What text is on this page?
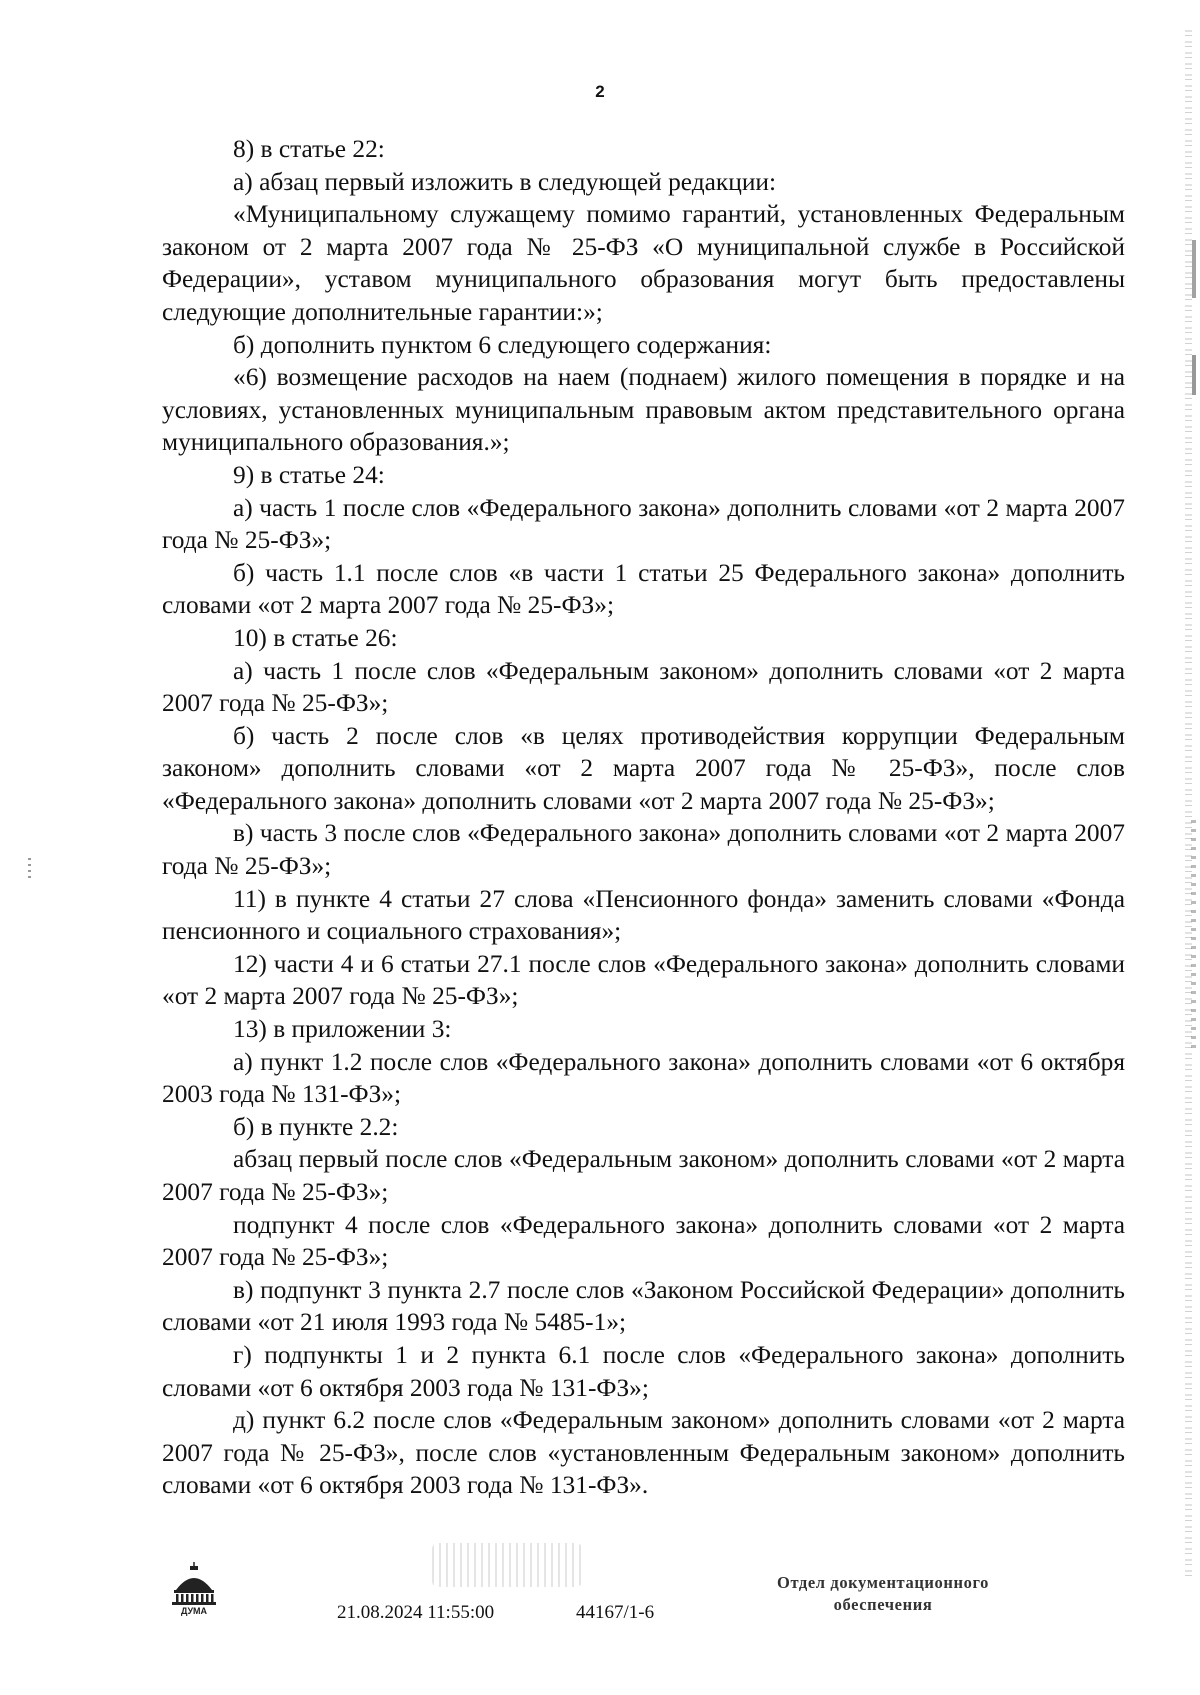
2

8) в статье 22:

а) абзац первый изложить в следующей редакции:

«Муниципальному служащему помимо гарантий, установленных Федеральным законом от 2 марта 2007 года № 25-ФЗ «О муниципальной службе в Российской Федерации», уставом муниципального образования могут быть предоставлены следующие дополнительные гарантии:»;

б) дополнить пунктом 6 следующего содержания:

«6) возмещение расходов на наем (поднаем) жилого помещения в порядке и на условиях, установленных муниципальным правовым актом представительного органа муниципального образования.»;

9) в статье 24:

а) часть 1 после слов «Федерального закона» дополнить словами «от 2 марта 2007 года № 25-ФЗ»;

б) часть 1.1 после слов «в части 1 статьи 25 Федерального закона» дополнить словами «от 2 марта 2007 года № 25-ФЗ»;

10) в статье 26:

а) часть 1 после слов «Федеральным законом» дополнить словами «от 2 марта 2007 года № 25-ФЗ»;

б) часть 2 после слов «в целях противодействия коррупции Федеральным законом» дополнить словами «от 2 марта 2007 года № 25-ФЗ», после слов «Федерального закона» дополнить словами «от 2 марта 2007 года № 25-ФЗ»;

в) часть 3 после слов «Федерального закона» дополнить словами «от 2 марта 2007 года № 25-ФЗ»;

11) в пункте 4 статьи 27 слова «Пенсионного фонда» заменить словами «Фонда пенсионного и социального страхования»;

12) части 4 и 6 статьи 27.1 после слов «Федерального закона» дополнить словами «от 2 марта 2007 года № 25-ФЗ»;

13) в приложении 3:

а) пункт 1.2 после слов «Федерального закона» дополнить словами «от 6 октября 2003 года № 131-ФЗ»;

б) в пункте 2.2:

абзац первый после слов «Федеральным законом» дополнить словами «от 2 марта 2007 года № 25-ФЗ»;

подпункт 4 после слов «Федерального закона» дополнить словами «от 2 марта 2007 года № 25-ФЗ»;

в) подпункт 3 пункта 2.7 после слов «Законом Российской Федерации» дополнить словами «от 21 июля 1993 года № 5485-1»;

г) подпункты 1 и 2 пункта 6.1 после слов «Федерального закона» дополнить словами «от 6 октября 2003 года № 131-ФЗ»;

д) пункт 6.2 после слов «Федеральным законом» дополнить словами «от 2 марта 2007 года № 25-ФЗ», после слов «установленным Федеральным законом» дополнить словами «от 6 октября 2003 года № 131-ФЗ».

ДУМА	21.08.2024 11:55:00	44167/1-6
Отдел документационного
обеспечения
